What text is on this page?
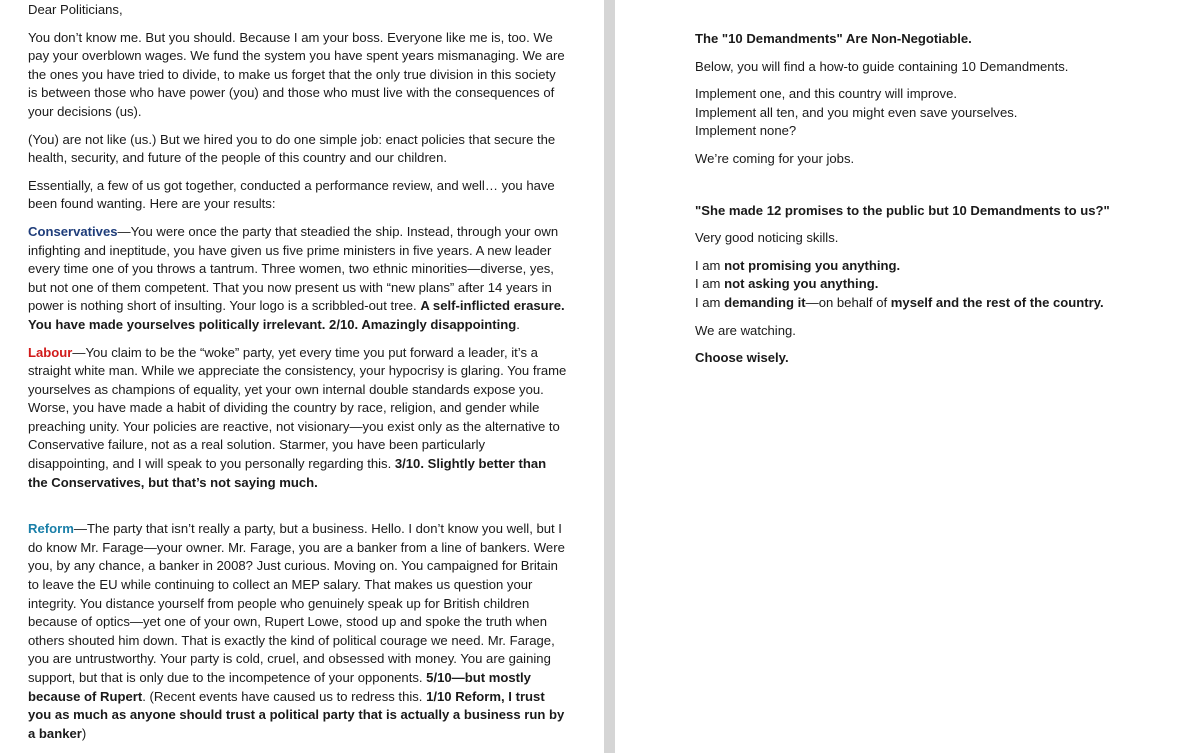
Dear Politicians,

You don’t know me. But you should. Because I am your boss. Everyone like me is, too. We pay your overblown wages. We fund the system you have spent years mismanaging. We are the ones you have tried to divide, to make us forget that the only true division in this society is between those who have power (you) and those who must live with the consequences of your decisions (us).

(You) are not like (us.) But we hired you to do one simple job: enact policies that secure the health, security, and future of the people of this country and our children.

Essentially, a few of us got together, conducted a performance review, and well… you have been found wanting. Here are your results:

Conservatives—You were once the party that steadied the ship. Instead, through your own infighting and ineptitude, you have given us five prime ministers in five years. A new leader every time one of you throws a tantrum. Three women, two ethnic minorities—diverse, yes, but not one of them competent. That you now present us with “new plans” after 14 years in power is nothing short of insulting. Your logo is a scribbled-out tree. A self-inflicted erasure. You have made yourselves politically irrelevant. 2/10. Amazingly disappointing.

Labour—You claim to be the “woke” party, yet every time you put forward a leader, it’s a straight white man. While we appreciate the consistency, your hypocrisy is glaring. You frame yourselves as champions of equality, yet your own internal double standards expose you. Worse, you have made a habit of dividing the country by race, religion, and gender while preaching unity. Your policies are reactive, not visionary—you exist only as the alternative to Conservative failure, not as a real solution. Starmer, you have been particularly disappointing, and I will speak to you personally regarding this. 3/10. Slightly better than the Conservatives, but that’s not saying much.

Reform—The party that isn’t really a party, but a business. Hello. I don’t know you well, but I do know Mr. Farage—your owner. Mr. Farage, you are a banker from a line of bankers. Were you, by any chance, a banker in 2008? Just curious. Moving on. You campaigned for Britain to leave the EU while continuing to collect an MEP salary. That makes us question your integrity. You distance yourself from people who genuinely speak up for British children because of optics—yet one of your own, Rupert Lowe, stood up and spoke the truth when others shouted him down. That is exactly the kind of political courage we need. Mr. Farage, you are untrustworthy. Your party is cold, cruel, and obsessed with money. You are gaining support, but that is only due to the incompetence of your opponents. 5/10—but mostly because of Rupert. (Recent events have caused us to redress this. 1/10 Reform, I trust you as much as anyone should trust a political party that is actually a business run by a banker)

The "10 Demandments" Are Non-Negotiable.

Below, you will find a how-to guide containing 10 Demandments.

Implement one, and this country will improve.
Implement all ten, and you might even save yourselves.
Implement none?

We’re coming for your jobs.

"She made 12 promises to the public but 10 Demandments to us?"

Very good noticing skills.

I am not promising you anything.
I am not asking you anything.
I am demanding it—on behalf of myself and the rest of the country.

We are watching.

Choose wisely.
